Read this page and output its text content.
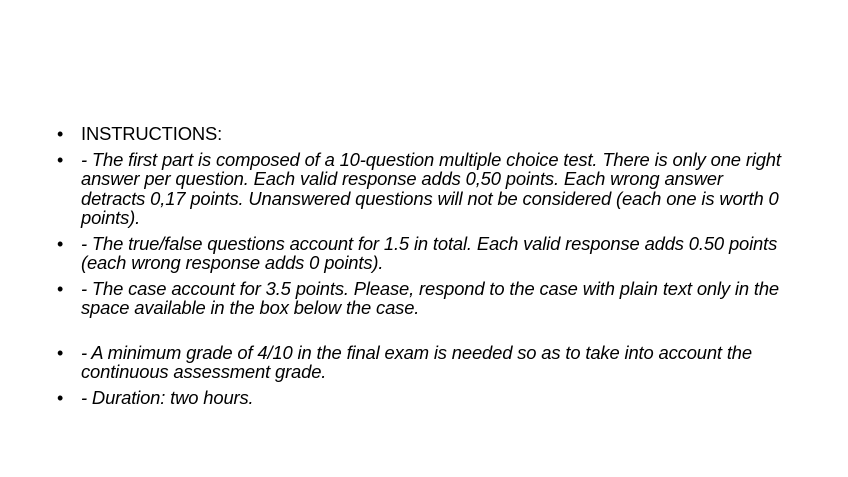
• INSTRUCTIONS:
• - The first part is composed of a 10-question multiple choice test. There is only one right answer per question. Each valid response adds 0,50 points. Each wrong answer detracts 0,17 points. Unanswered questions will not be considered (each one is worth 0 points).
• - The true/false questions account for 1.5 in total. Each valid response adds 0.50 points (each wrong response adds 0 points).
• - The case account for 3.5 points. Please, respond to the case with plain text only in the space available in the box below the case.
• - A minimum grade of 4/10 in the final exam is needed so as to take into account the continuous assessment grade.
• - Duration: two hours.
